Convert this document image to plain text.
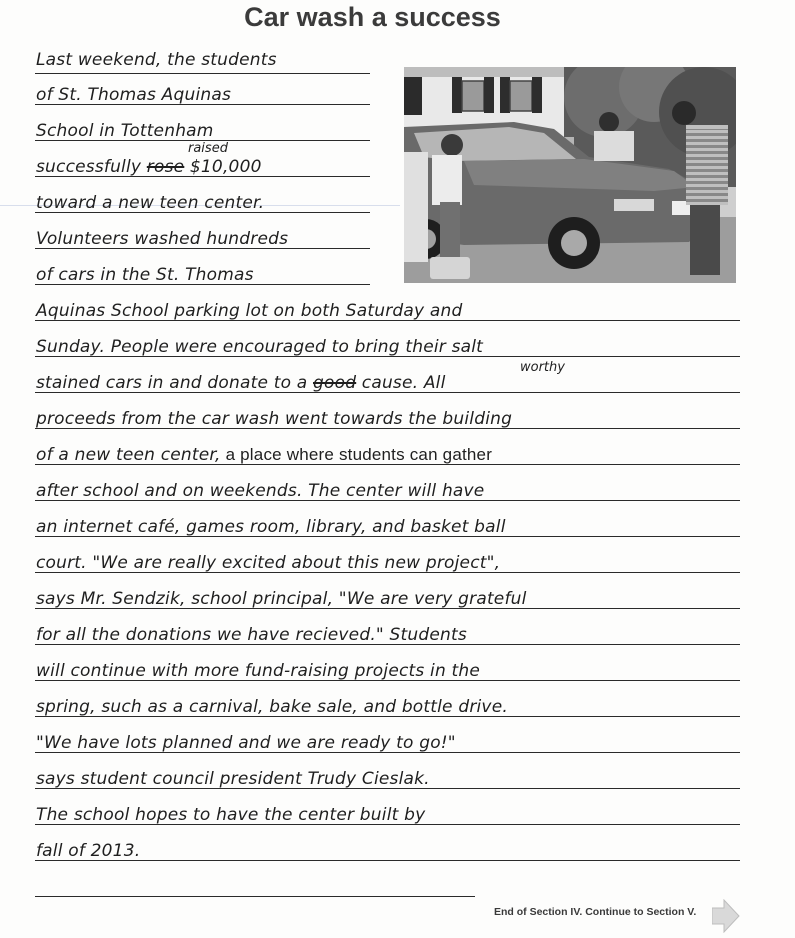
Car wash a success
Last weekend, the students
of St. Thomas Aquinas
School in Tottenham
raised
successfully rose $10,000
toward a new teen center.
Volunteers washed hundreds
of cars in the St. Thomas
Aquinas School parking lot on both Saturday and
Sunday. People were encouraged to bring their salt
worthy
stained cars in and donate to a good cause. All
proceeds from the car wash went towards the building
of a new teen center, a place where students can gather
after school and on weekends. The center will have
an internet café, games room, library, and basket ball
court. "We are really excited about this new project",
says Mr. Sendzik, school principal, "We are very grateful
for all the donations we have recieved." Students
will continue with more fund-raising projects in the
spring, such as a carnival, bake sale, and bottle drive.
"We have lots planned and we are ready to go!"
says student council president Trudy Cieslak.
The school hopes to have the center built by
fall of 2013.
End of Section IV. Continue to Section V.
